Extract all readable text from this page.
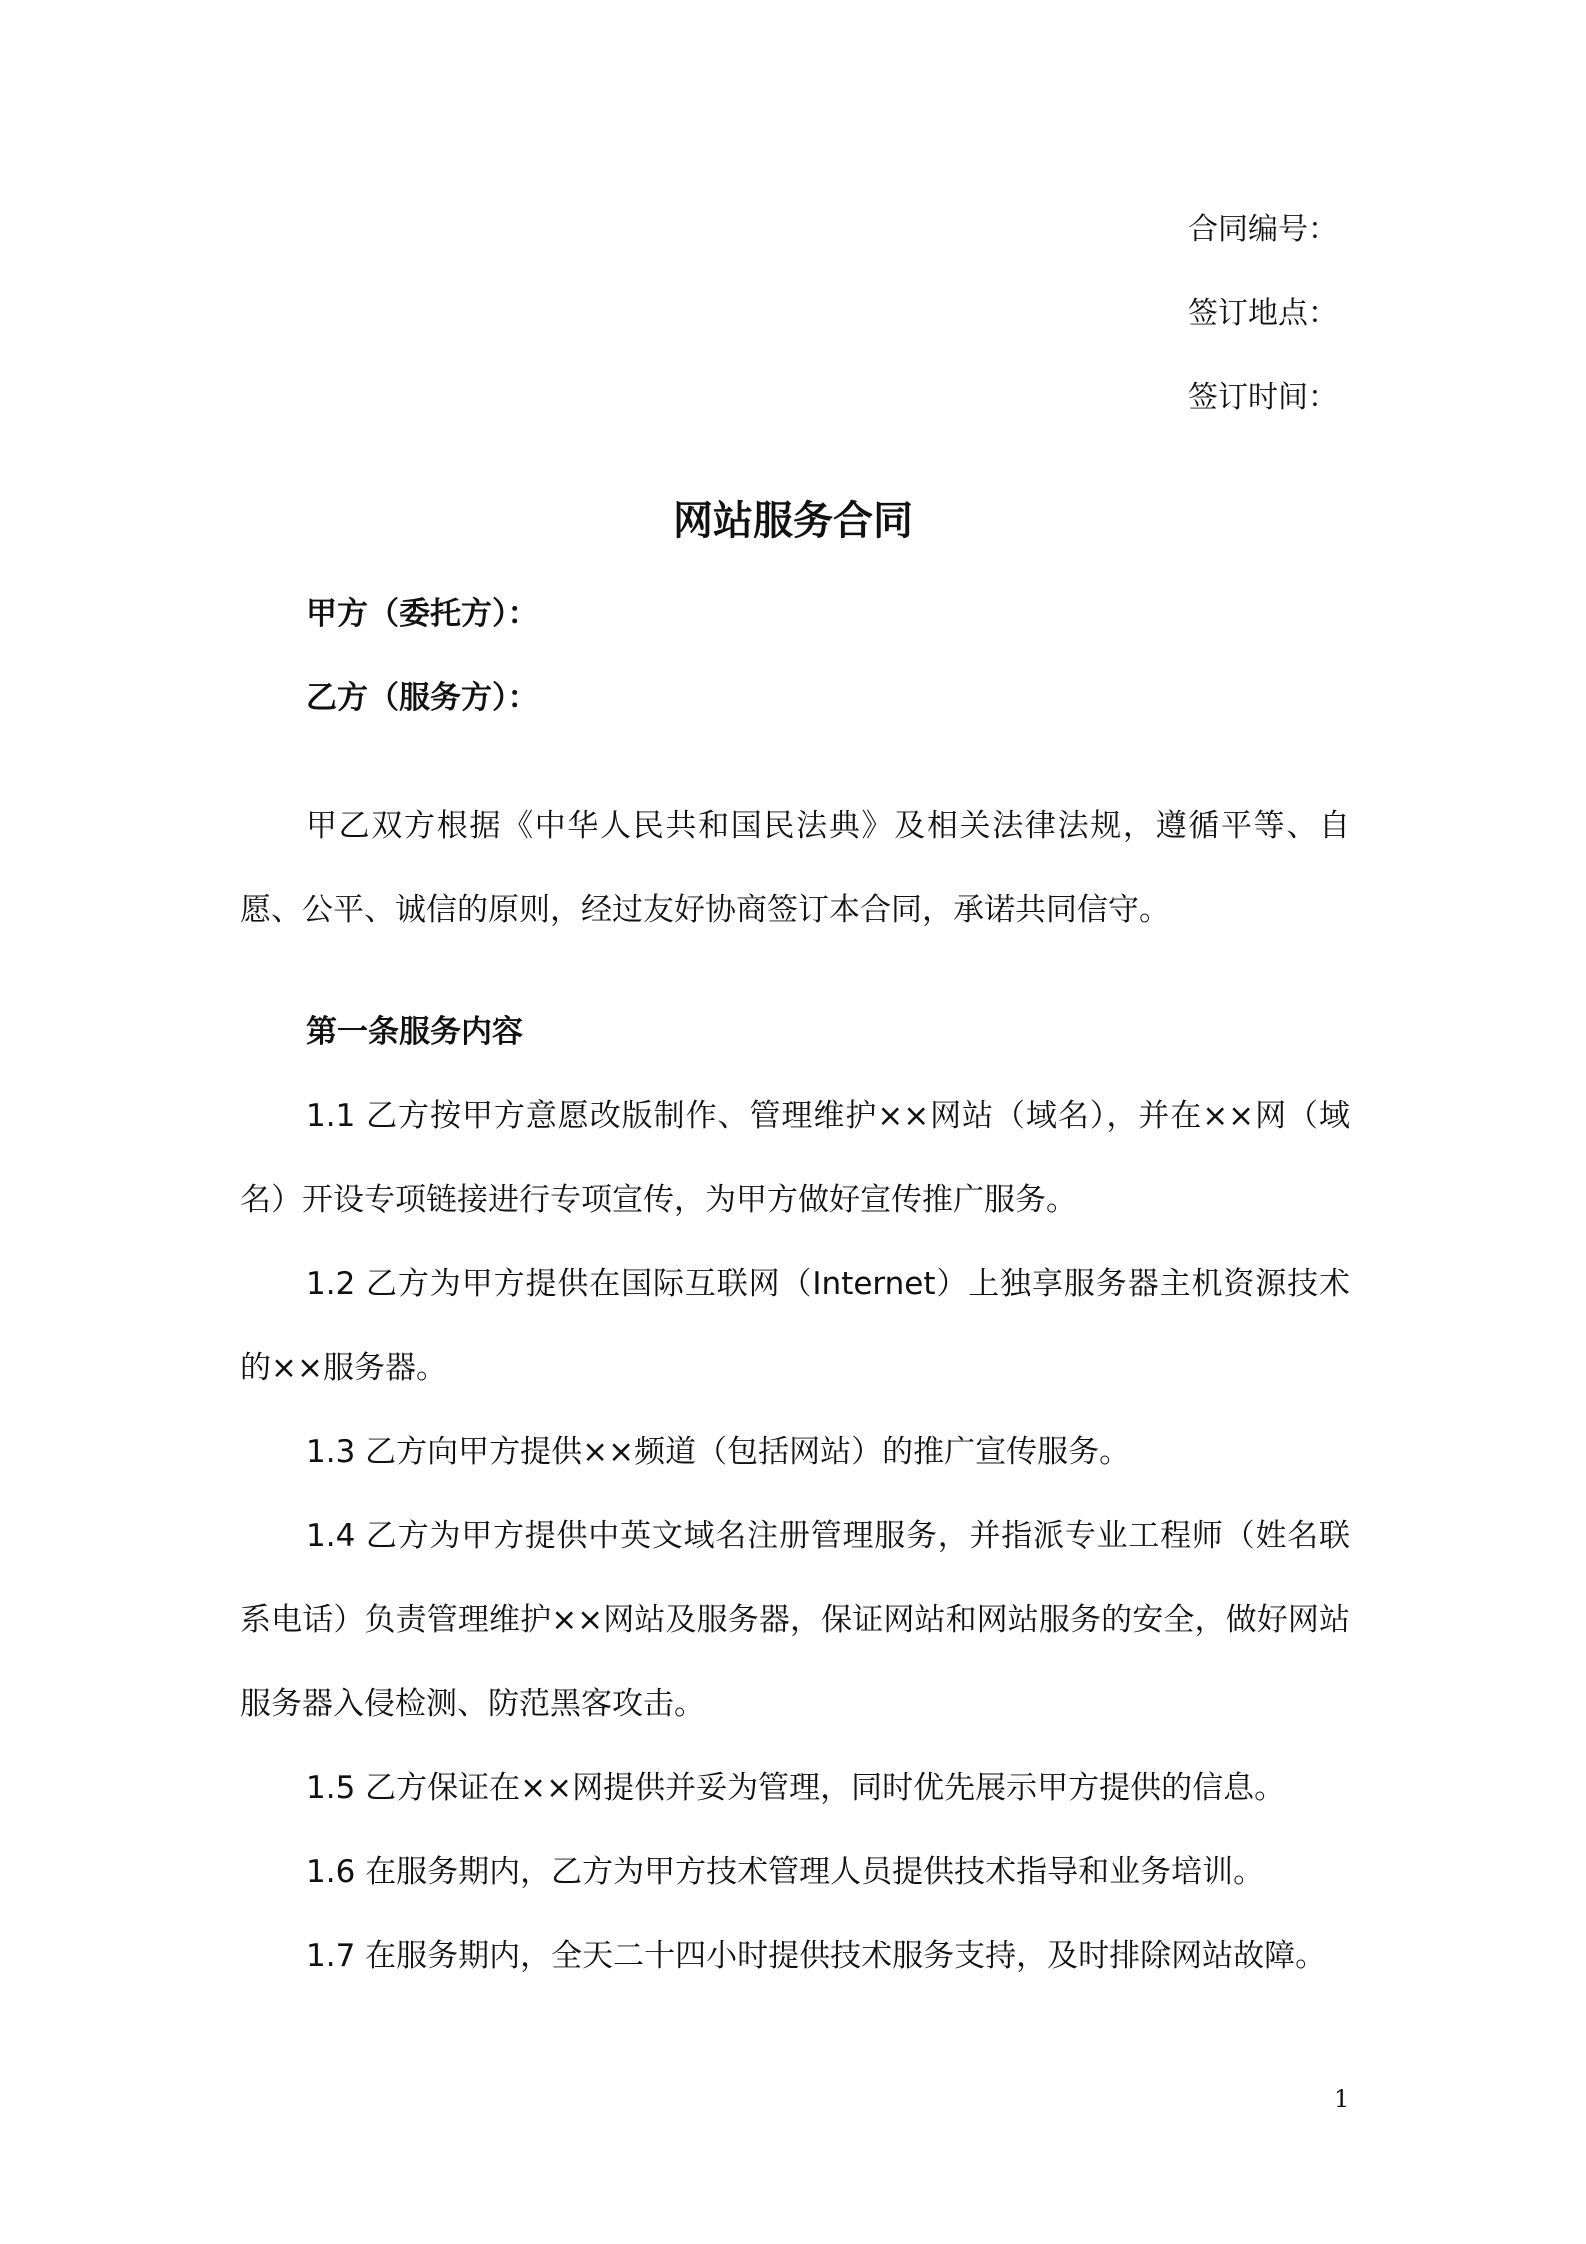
合同编号：
签订地点：
签订时间：
网站服务合同
甲方（委托方）：
乙方（服务方）：
甲乙双方根据《中华人民共和国民法典》及相关法律法规，遵循平等、自愿、公平、诚信的原则，经过友好协商签订本合同，承诺共同信守。
第一条服务内容
1.1 乙方按甲方意愿改版制作、管理维护××网站（域名），并在××网（域名）开设专项链接进行专项宣传，为甲方做好宣传推广服务。
1.2 乙方为甲方提供在国际互联网（Internet）上独享服务器主机资源技术的××服务器。
1.3 乙方向甲方提供××频道（包括网站）的推广宣传服务。
1.4 乙方为甲方提供中英文域名注册管理服务，并指派专业工程师（姓名联系电话）负责管理维护××网站及服务器，保证网站和网站服务的安全，做好网站服务器入侵检测、防范黑客攻击。
1.5 乙方保证在××网提供并妥为管理，同时优先展示甲方提供的信息。
1.6 在服务期内，乙方为甲方技术管理人员提供技术指导和业务培训。
1.7 在服务期内，全天二十四小时提供技术服务支持，及时排除网站故障。
1
